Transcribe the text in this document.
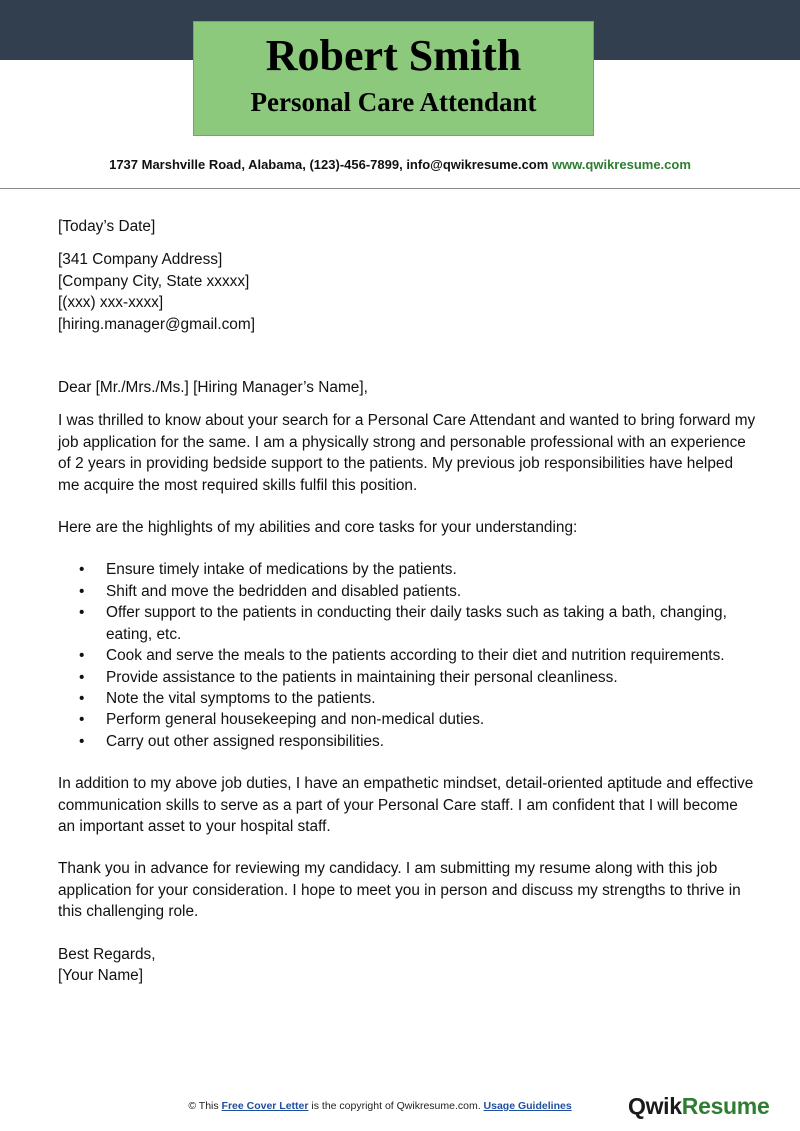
Robert Smith
Personal Care Attendant
1737 Marshville Road, Alabama, (123)-456-7899, info@qwikresume.com www.qwikresume.com

[Today’s Date]

[341 Company Address]

[Company City, State xxxxx]

[(xxx) xxx-xxxx]

[hiring.manager@gmail.com]

Dear [Mr./Mrs./Ms.] [Hiring Manager’s Name],

I was thrilled to know about your search for a Personal Care Attendant and wanted to bring forward my job application for the same. I am a physically strong and personable professional with an experience of 2 years in providing bedside support to the patients. My previous job responsibilities have helped me acquire the most required skills fulfil this position.

Here are the highlights of my abilities and core tasks for your understanding:

• Ensure timely intake of medications by the patients.
• Shift and move the bedridden and disabled patients.
• Offer support to the patients in conducting their daily tasks such as taking a bath, changing, eating, etc.
• Cook and serve the meals to the patients according to their diet and nutrition requirements.
• Provide assistance to the patients in maintaining their personal cleanliness.
• Note the vital symptoms to the patients.
• Perform general housekeeping and non-medical duties.
• Carry out other assigned responsibilities.

In addition to my above job duties, I have an empathetic mindset, detail-oriented aptitude and effective communication skills to serve as a part of your Personal Care staff. I am confident that I will become an important asset to your hospital staff.

Thank you in advance for reviewing my candidacy. I am submitting my resume along with this job application for your consideration. I hope to meet you in person and discuss my strengths to thrive in this challenging role.

Best Regards,

[Your Name]

© This Free Cover Letter is the copyright of Qwikresume.com. Usage Guidelines	QwikResume
